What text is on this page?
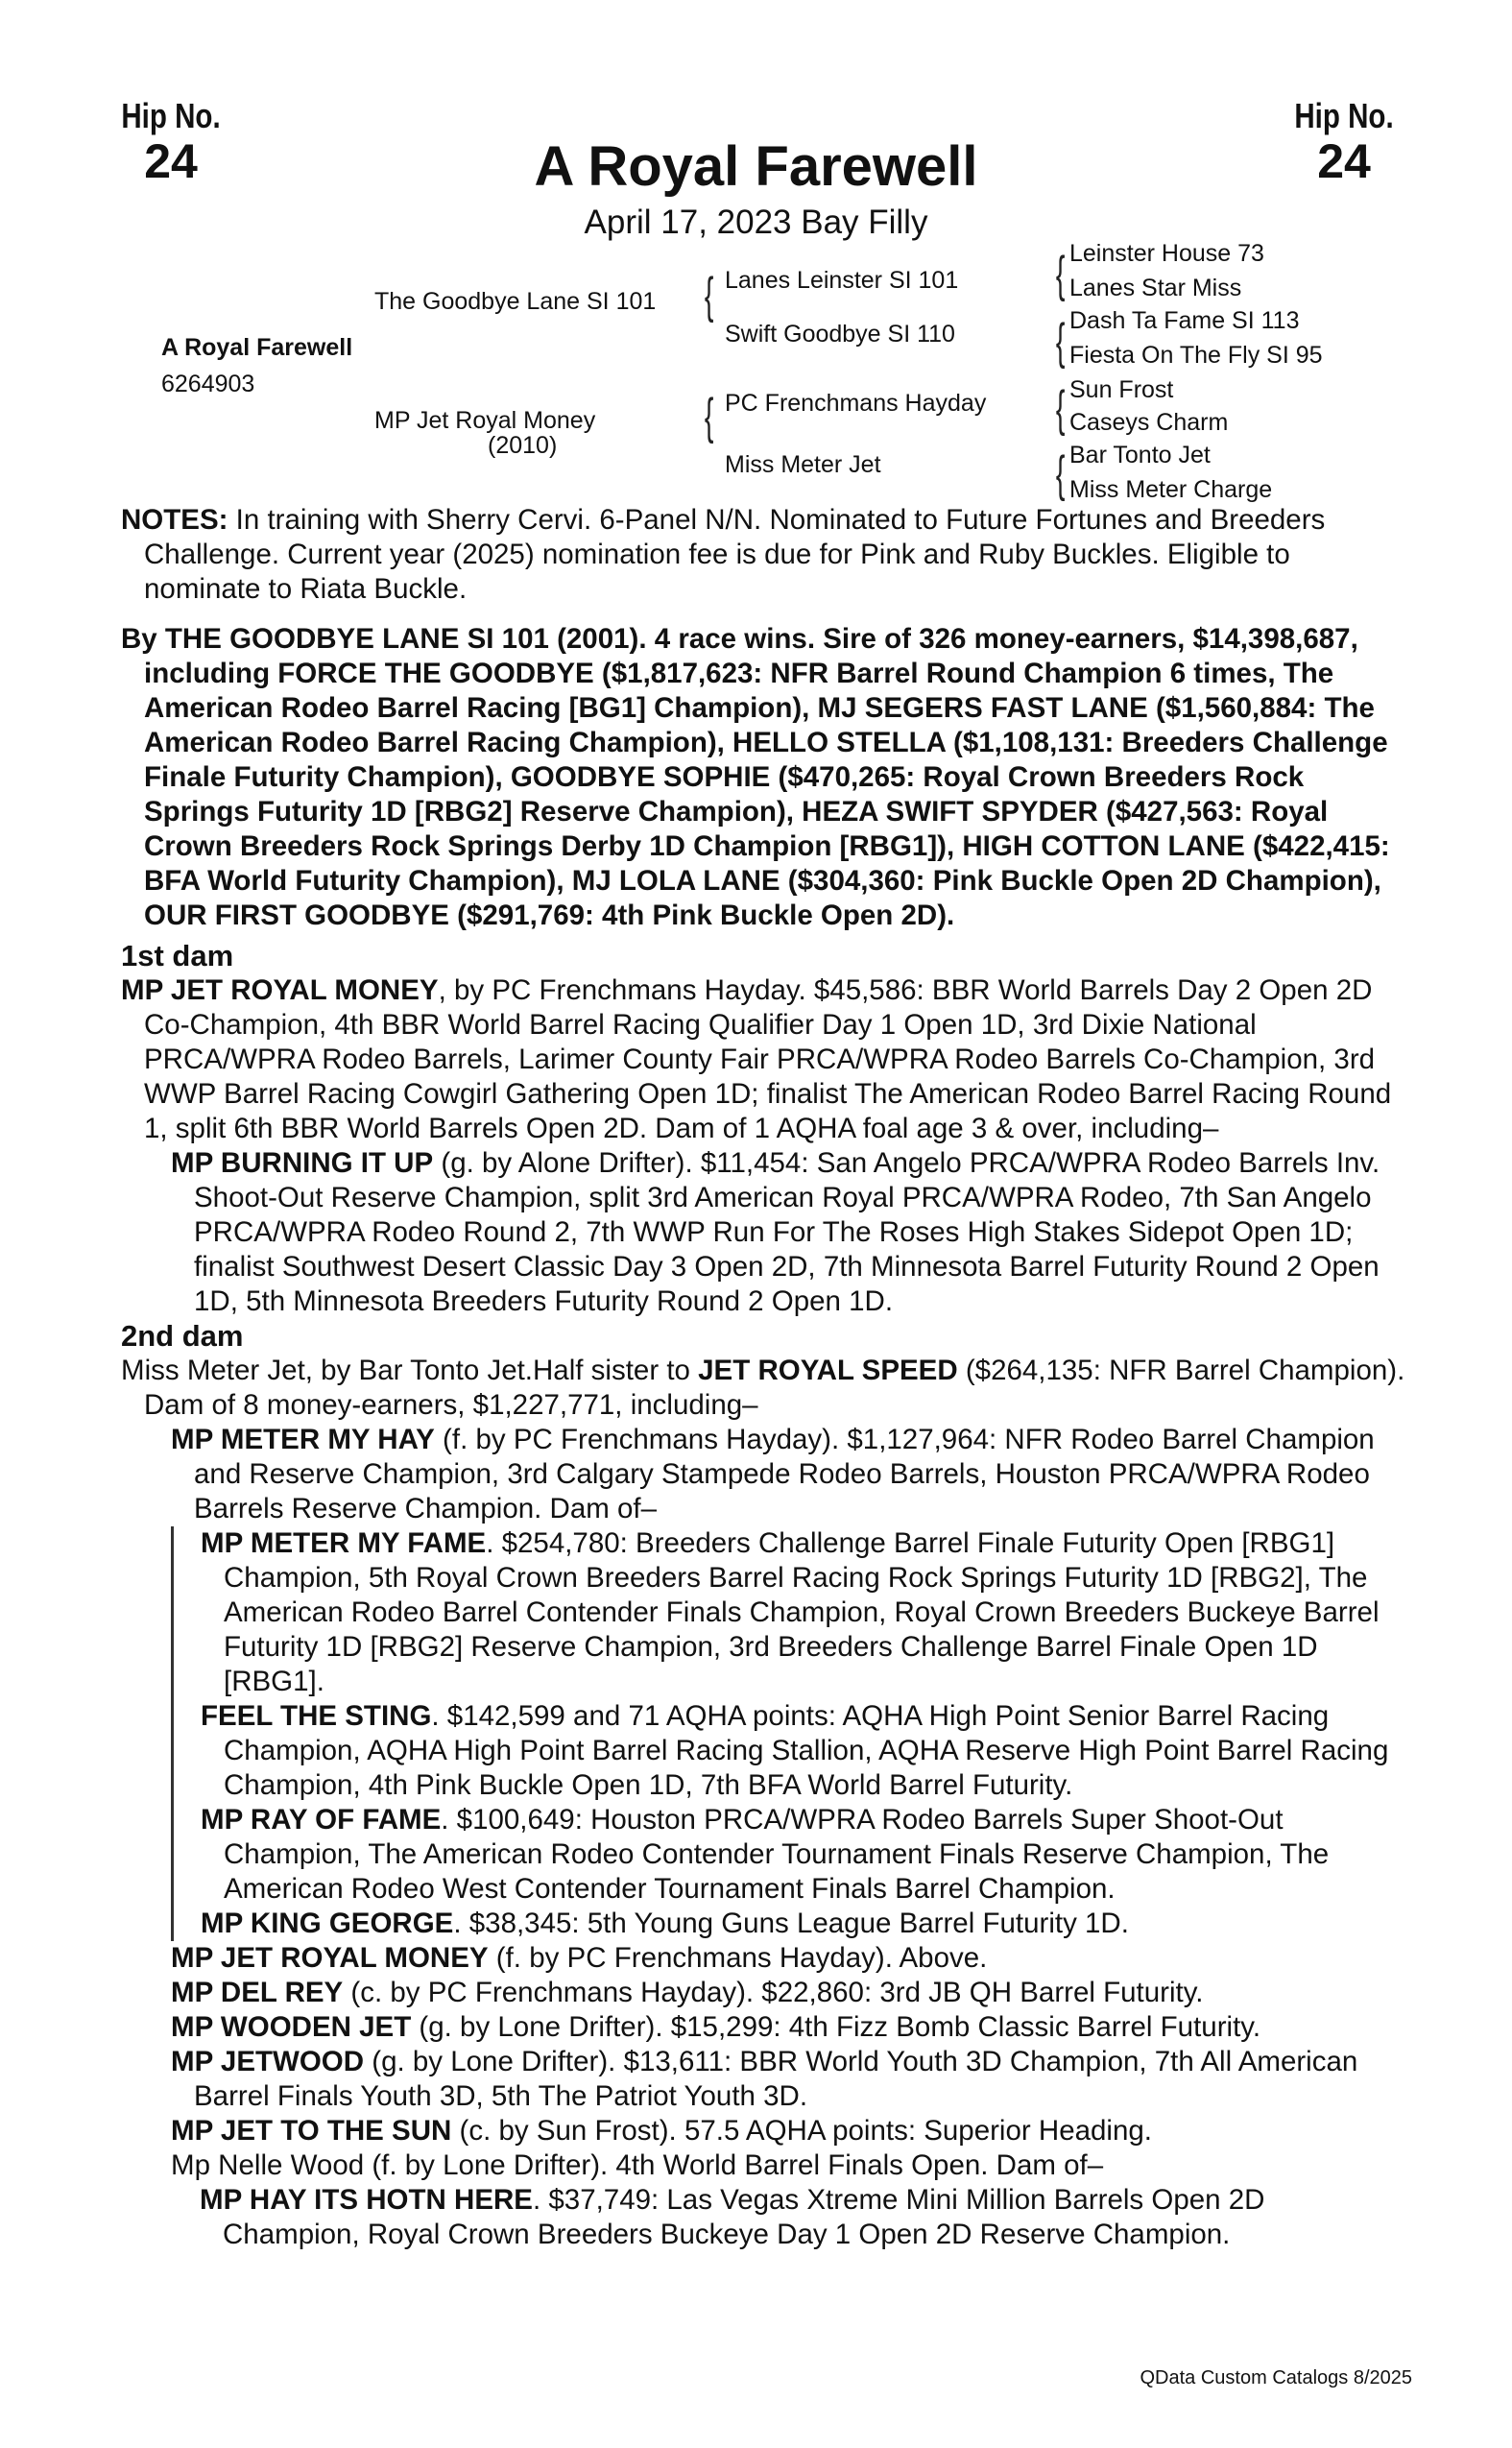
Hip No.
24
Hip No.
24
A Royal Farewell
April 17, 2023 Bay Filly
A Royal Farewell
6264903
The Goodbye Lane SI 101
MP Jet Royal Money
(2010)
{ Lanes Leinster SI 101
Swift Goodbye SI 110
{ PC Frenchmans Hayday
Miss Meter Jet
{ Leinster House 73
Lanes Star Miss
{ Dash Ta Fame SI 113
Fiesta On The Fly SI 95
{ Sun Frost
Caseys Charm
{ Bar Tonto Jet
Miss Meter Charge

NOTES: In training with Sherry Cervi. 6-Panel N/N. Nominated to Future Fortunes and Breeders Challenge. Current year (2025) nomination fee is due for Pink and Ruby Buckles. Eligible to nominate to Riata Buckle.

By THE GOODBYE LANE SI 101 (2001). 4 race wins. Sire of 326 money-earners, $14,398,687, including FORCE THE GOODBYE ($1,817,623: NFR Barrel Round Champion 6 times, The American Rodeo Barrel Racing [BG1] Champion), MJ SEGERS FAST LANE ($1,560,884: The American Rodeo Barrel Racing Champion), HELLO STELLA ($1,108,131: Breeders Challenge Finale Futurity Champion), GOODBYE SOPHIE ($470,265: Royal Crown Breeders Rock Springs Futurity 1D [RBG2] Reserve Champion), HEZA SWIFT SPYDER ($427,563: Royal Crown Breeders Rock Springs Derby 1D Champion [RBG1]), HIGH COTTON LANE ($422,415: BFA World Futurity Champion), MJ LOLA LANE ($304,360: Pink Buckle Open 2D Champion), OUR FIRST GOODBYE ($291,769: 4th Pink Buckle Open 2D).

1st dam

MP JET ROYAL MONEY, by PC Frenchmans Hayday. $45,586: BBR World Barrels Day 2 Open 2D Co-Champion, 4th BBR World Barrel Racing Qualifier Day 1 Open 1D, 3rd Dixie National PRCA/WPRA Rodeo Barrels, Larimer County Fair PRCA/WPRA Rodeo Barrels Co-Champion, 3rd WWP Barrel Racing Cowgirl Gathering Open 1D; finalist The American Rodeo Barrel Racing Round 1, split 6th BBR World Barrels Open 2D. Dam of 1 AQHA foal age 3 & over, including–

MP BURNING IT UP (g. by Alone Drifter). $11,454: San Angelo PRCA/WPRA Rodeo Barrels Inv. Shoot-Out Reserve Champion, split 3rd American Royal PRCA/WPRA Rodeo, 7th San Angelo PRCA/WPRA Rodeo Round 2, 7th WWP Run For The Roses High Stakes Sidepot Open 1D; finalist Southwest Desert Classic Day 3 Open 2D, 7th Minnesota Barrel Futurity Round 2 Open 1D, 5th Minnesota Breeders Futurity Round 2 Open 1D.

2nd dam

Miss Meter Jet, by Bar Tonto Jet.Half sister to JET ROYAL SPEED ($264,135: NFR Barrel Champion). Dam of 8 money-earners, $1,227,771, including–

MP METER MY HAY (f. by PC Frenchmans Hayday). $1,127,964: NFR Rodeo Barrel Champion and Reserve Champion, 3rd Calgary Stampede Rodeo Barrels, Houston PRCA/WPRA Rodeo Barrels Reserve Champion. Dam of–

MP METER MY FAME. $254,780: Breeders Challenge Barrel Finale Futurity Open [RBG1] Champion, 5th Royal Crown Breeders Barrel Racing Rock Springs Futurity 1D [RBG2], The American Rodeo Barrel Contender Finals Champion, Royal Crown Breeders Buckeye Barrel Futurity 1D [RBG2] Reserve Champion, 3rd Breeders Challenge Barrel Finale Open 1D [RBG1].

FEEL THE STING. $142,599 and 71 AQHA points: AQHA High Point Senior Barrel Racing Champion, AQHA High Point Barrel Racing Stallion, AQHA Reserve High Point Barrel Racing Champion, 4th Pink Buckle Open 1D, 7th BFA World Barrel Futurity.

MP RAY OF FAME. $100,649: Houston PRCA/WPRA Rodeo Barrels Super Shoot-Out Champion, The American Rodeo Contender Tournament Finals Reserve Champion, The American Rodeo West Contender Tournament Finals Barrel Champion.

MP KING GEORGE. $38,345: 5th Young Guns League Barrel Futurity 1D.

MP JET ROYAL MONEY (f. by PC Frenchmans Hayday). Above.

MP DEL REY (c. by PC Frenchmans Hayday). $22,860: 3rd JB QH Barrel Futurity.

MP WOODEN JET (g. by Lone Drifter). $15,299: 4th Fizz Bomb Classic Barrel Futurity.

MP JETWOOD (g. by Lone Drifter). $13,611: BBR World Youth 3D Champion, 7th All American Barrel Finals Youth 3D, 5th The Patriot Youth 3D.

MP JET TO THE SUN (c. by Sun Frost). 57.5 AQHA points: Superior Heading.

Mp Nelle Wood (f. by Lone Drifter). 4th World Barrel Finals Open. Dam of–

MP HAY ITS HOTN HERE. $37,749: Las Vegas Xtreme Mini Million Barrels Open 2D Champion, Royal Crown Breeders Buckeye Day 1 Open 2D Reserve Champion.

QData Custom Catalogs 8/2025
